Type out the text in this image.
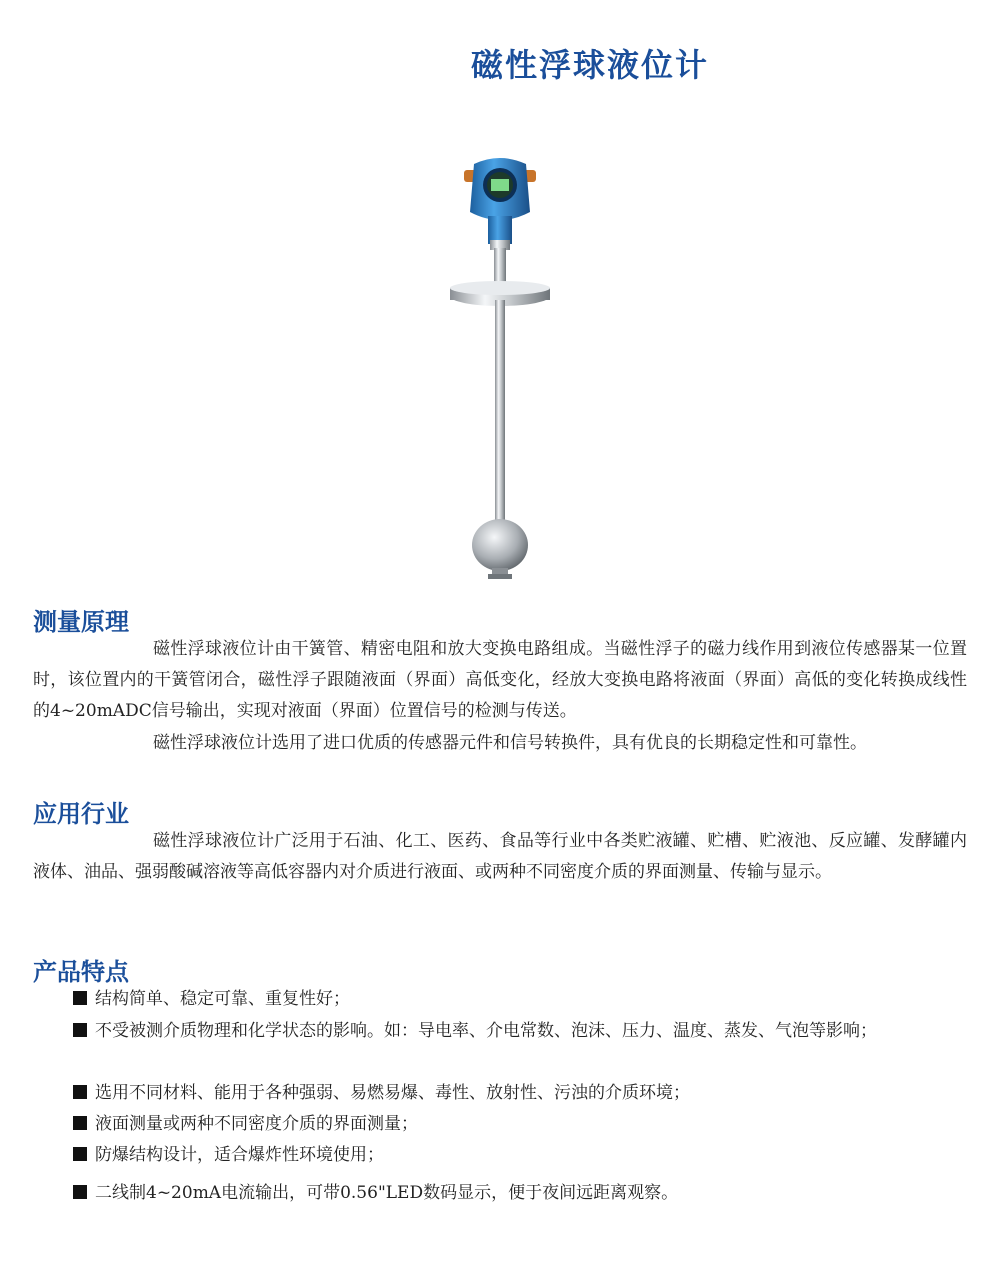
磁性浮球液位计
测量原理

磁性浮球液位计由干簧管、精密电阻和放大变换电路组成。当磁性浮子的磁力线作用到液位传感器某一位置时，该位置内的干簧管闭合，磁性浮子跟随液面（界面）高低变化，经放大变换电路将液面（界面）高低的变化转换成线性的4~20mADC信号输出，实现对液面（界面）位置信号的检测与传送。

磁性浮球液位计选用了进口优质的传感器元件和信号转换件，具有优良的长期稳定性和可靠性。

应用行业

磁性浮球液位计广泛用于石油、化工、医药、食品等行业中各类贮液罐、贮槽、贮液池、反应罐、发酵罐内液体、油品、强弱酸碱溶液等高低容器内对介质进行液面、或两种不同密度介质的界面测量、传输与显示。

产品特点

结构简单、稳定可靠、重复性好；

不受被测介质物理和化学状态的影响。如：导电率、介电常数、泡沫、压力、温度、蒸发、气泡等影响；

选用不同材料、能用于各种强弱、易燃易爆、毒性、放射性、污浊的介质环境；

液面测量或两种不同密度介质的界面测量；

防爆结构设计，适合爆炸性环境使用；

二线制4~20mA电流输出，可带0.56"LED数码显示，便于夜间远距离观察。
